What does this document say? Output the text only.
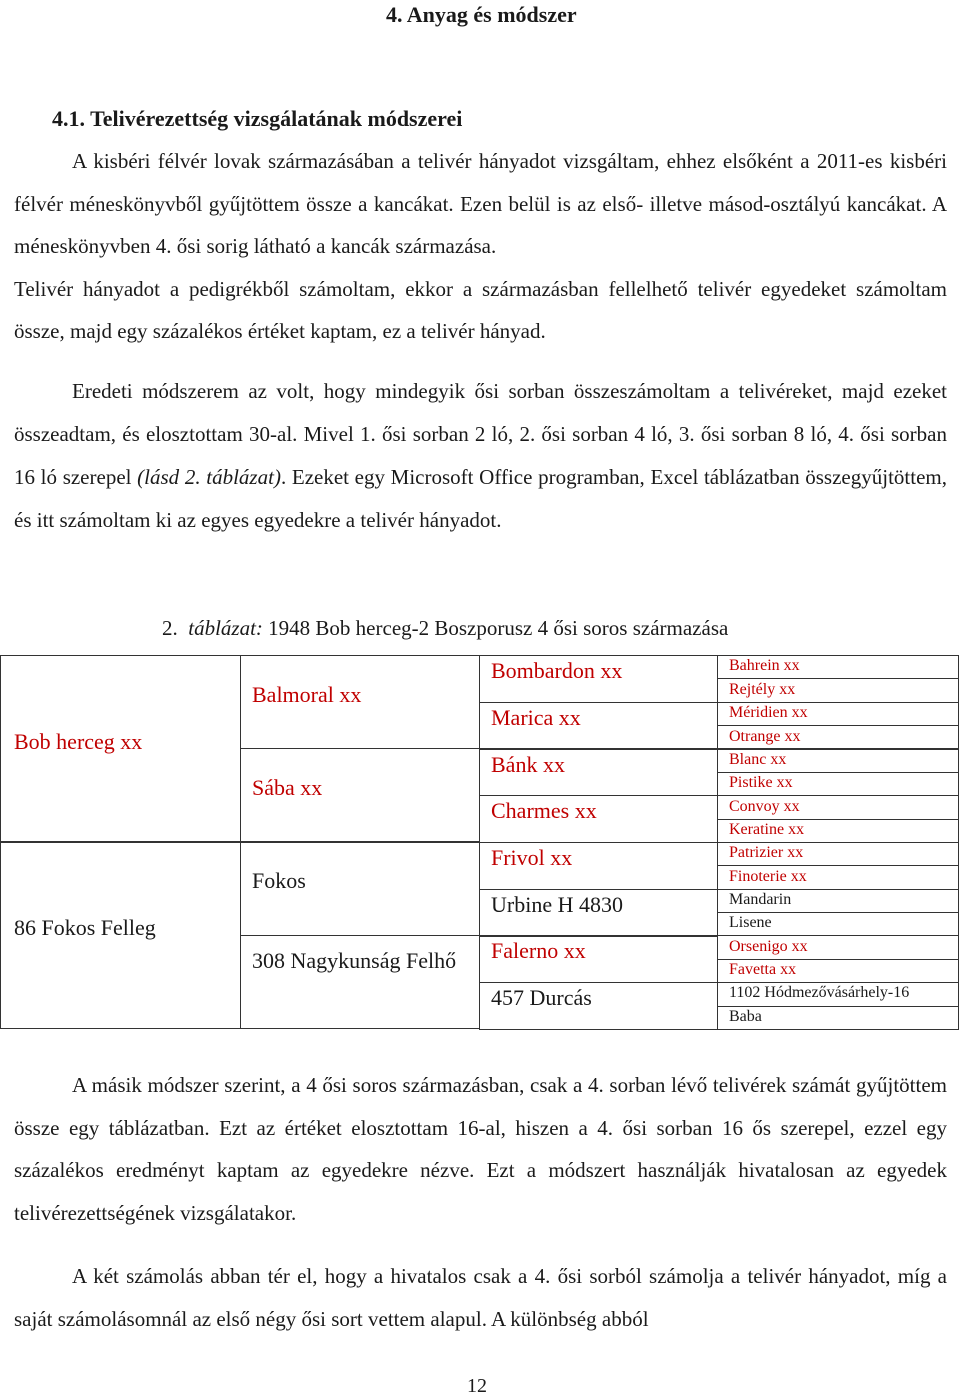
4. Anyag és módszer
4.1. Telivérezettség vizsgálatának módszerei
A kisbéri félvér lovak származásában a telivér hányadot vizsgáltam, ehhez elsőként a 2011-es kisbéri félvér méneskönyvből gyűjtöttem össze a kancákat. Ezen belül is az első- illetve másod-osztályú kancákat. A méneskönyvben 4. ősi sorig látható a kancák származása.
Telivér hányadot a pedigrékből számoltam, ekkor a származásban fellelhető telivér egyedeket számoltam össze, majd egy százalékos értéket kaptam, ez a telivér hányad.
Eredeti módszerem az volt, hogy mindegyik ősi sorban összeszámoltam a telivéreket, majd ezeket összeadtam, és elosztottam 30-al. Mivel 1. ősi sorban 2 ló, 2. ősi sorban 4 ló, 3. ősi sorban 8 ló, 4. ősi sorban 16 ló szerepel (lásd 2. táblázat). Ezeket egy Microsoft Office programban, Excel táblázatban összegyűjtöttem, és itt számoltam ki az egyes egyedekre a telivér hányadot.
2. táblázat: 1948 Bob herceg-2 Boszporusz 4 ősi soros származása
Bob herceg xx
86 Fokos Felleg
Balmoral xx
Sába xx
Fokos
308 Nagykunság Felhő
Bombardon xx
Marica xx
Bánk xx
Charmes xx
Frivol xx
Urbine H 4830
Falerno xx
457 Durcás
Bahrein xx
Rejtély xx
Méridien xx
Otrange xx
Blanc xx
Pistike xx
Convoy xx
Keratine xx
Patrizier xx
Finoterie xx
Mandarin
Lisene
Orsenigo xx
Favetta xx
1102 Hódmezővásárhely-16
Baba
A másik módszer szerint, a 4 ősi soros származásban, csak a 4. sorban lévő telivérek számát gyűjtöttem össze egy táblázatban. Ezt az értéket elosztottam 16-al, hiszen a 4. ősi sorban 16 ős szerepel, ezzel egy százalékos eredményt kaptam az egyedekre nézve. Ezt a módszert használják hivatalosan az egyedek telivérezettségének vizsgálatakor.
A két számolás abban tér el, hogy a hivatalos csak a 4. ősi sorból számolja a telivér hányadot, míg a saját számolásomnál az első négy ősi sort vettem alapul. A különbség abból
12
